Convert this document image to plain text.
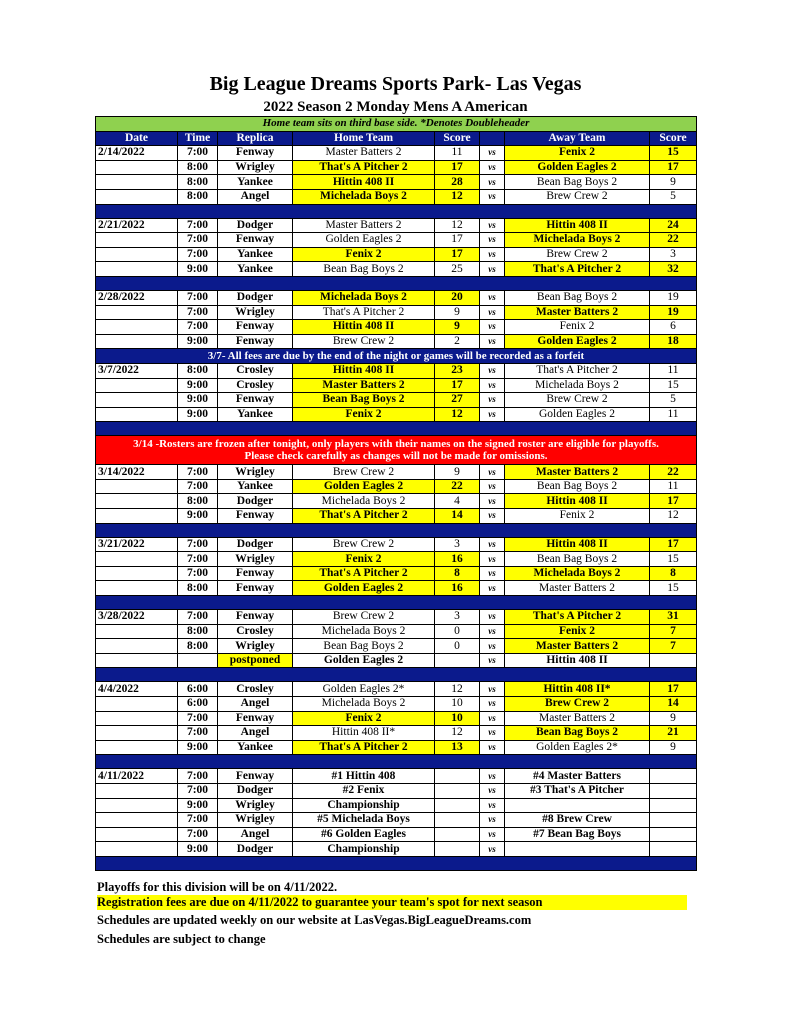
Big League Dreams Sports Park- Las Vegas
2022 Season 2 Monday Mens A American
Home team sits on third base side. *Denotes Doubleheader							
Date	Time	Replica	Home Team	Score		Away Team	Score
2/14/2022	7:00	Fenway	Master Batters 2	11	vs	Fenix 2	15
	8:00	Wrigley	That's A Pitcher 2	17	vs	Golden Eagles 2	17
	8:00	Yankee	Hittin 408 II	28	vs	Bean Bag Boys 2	9
	8:00	Angel	Michelada Boys 2	12	vs	Brew Crew 2	5

2/21/2022	7:00	Dodger	Master Batters 2	12	vs	Hittin 408 II	24
	7:00	Fenway	Golden Eagles 2	17	vs	Michelada Boys 2	22
	7:00	Yankee	Fenix 2	17	vs	Brew Crew 2	3
	9:00	Yankee	Bean Bag Boys 2	25	vs	That's A Pitcher 2	32

2/28/2022	7:00	Dodger	Michelada Boys 2	20	vs	Bean Bag Boys 2	19
	7:00	Wrigley	That's A Pitcher 2	9	vs	Master Batters 2	19
	7:00	Fenway	Hittin 408 II	9	vs	Fenix 2	6
	9:00	Fenway	Brew Crew 2	2	vs	Golden Eagles 2	18
3/7- All fees are due by the end of the night or games will be recorded as a forfeit							
3/7/2022	8:00	Crosley	Hittin 408 II	23	vs	That's A Pitcher 2	11
	9:00	Crosley	Master Batters 2	17	vs	Michelada Boys 2	15
	9:00	Fenway	Bean Bag Boys 2	27	vs	Brew Crew 2	5
	9:00	Yankee	Fenix 2	12	vs	Golden Eagles 2	11

3/14 -Rosters are frozen after tonight, only players with their names on the signed roster are eligible for playoffs.
Please check carefully as changes will not be made for omissions.							

3/14/2022	7:00	Wrigley	Brew Crew 2	9	vs	Master Batters 2	22
	7:00	Yankee	Golden Eagles 2	22	vs	Bean Bag Boys 2	11
	8:00	Dodger	Michelada Boys 2	4	vs	Hittin 408 II	17
	9:00	Fenway	That's A Pitcher 2	14	vs	Fenix 2	12

3/21/2022	7:00	Dodger	Brew Crew 2	3	vs	Hittin 408 II	17
	7:00	Wrigley	Fenix 2	16	vs	Bean Bag Boys 2	15
	7:00	Fenway	That's A Pitcher 2	8	vs	Michelada Boys 2	8
	8:00	Fenway	Golden Eagles 2	16	vs	Master Batters 2	15

3/28/2022	7:00	Fenway	Brew Crew 2	3	vs	That's A Pitcher 2	31
	8:00	Crosley	Michelada Boys 2	0	vs	Fenix 2	7
	8:00	Wrigley	Bean Bag Boys 2	0	vs	Master Batters 2	7
		postponed	Golden Eagles 2		vs	Hittin 408 II	

4/4/2022	6:00	Crosley	Golden Eagles 2*	12	vs	Hittin 408 II*	17
	6:00	Angel	Michelada Boys 2	10	vs	Brew Crew 2	14
	7:00	Fenway	Fenix 2	10	vs	Master Batters 2	9
	7:00	Angel	Hittin 408 II*	12	vs	Bean Bag Boys 2	21
	9:00	Yankee	That's A Pitcher 2	13	vs	Golden Eagles 2*	9

4/11/2022	7:00	Fenway	#1 Hittin 408		vs	#4 Master Batters	
	7:00	Dodger	#2 Fenix		vs	#3 That's A Pitcher	
	9:00	Wrigley	Championship		vs		
	7:00	Wrigley	#5 Michelada Boys		vs	#8 Brew Crew	
	7:00	Angel	#6 Golden Eagles		vs	#7 Bean Bag Boys	
	9:00	Dodger	Championship		vs		

Playoffs for this division will be on 4/11/2022.
Registration fees are due on 4/11/2022 to guarantee your team's spot for next season
Schedules are updated weekly on our website at LasVegas.BigLeagueDreams.com
Schedules are subject to change
